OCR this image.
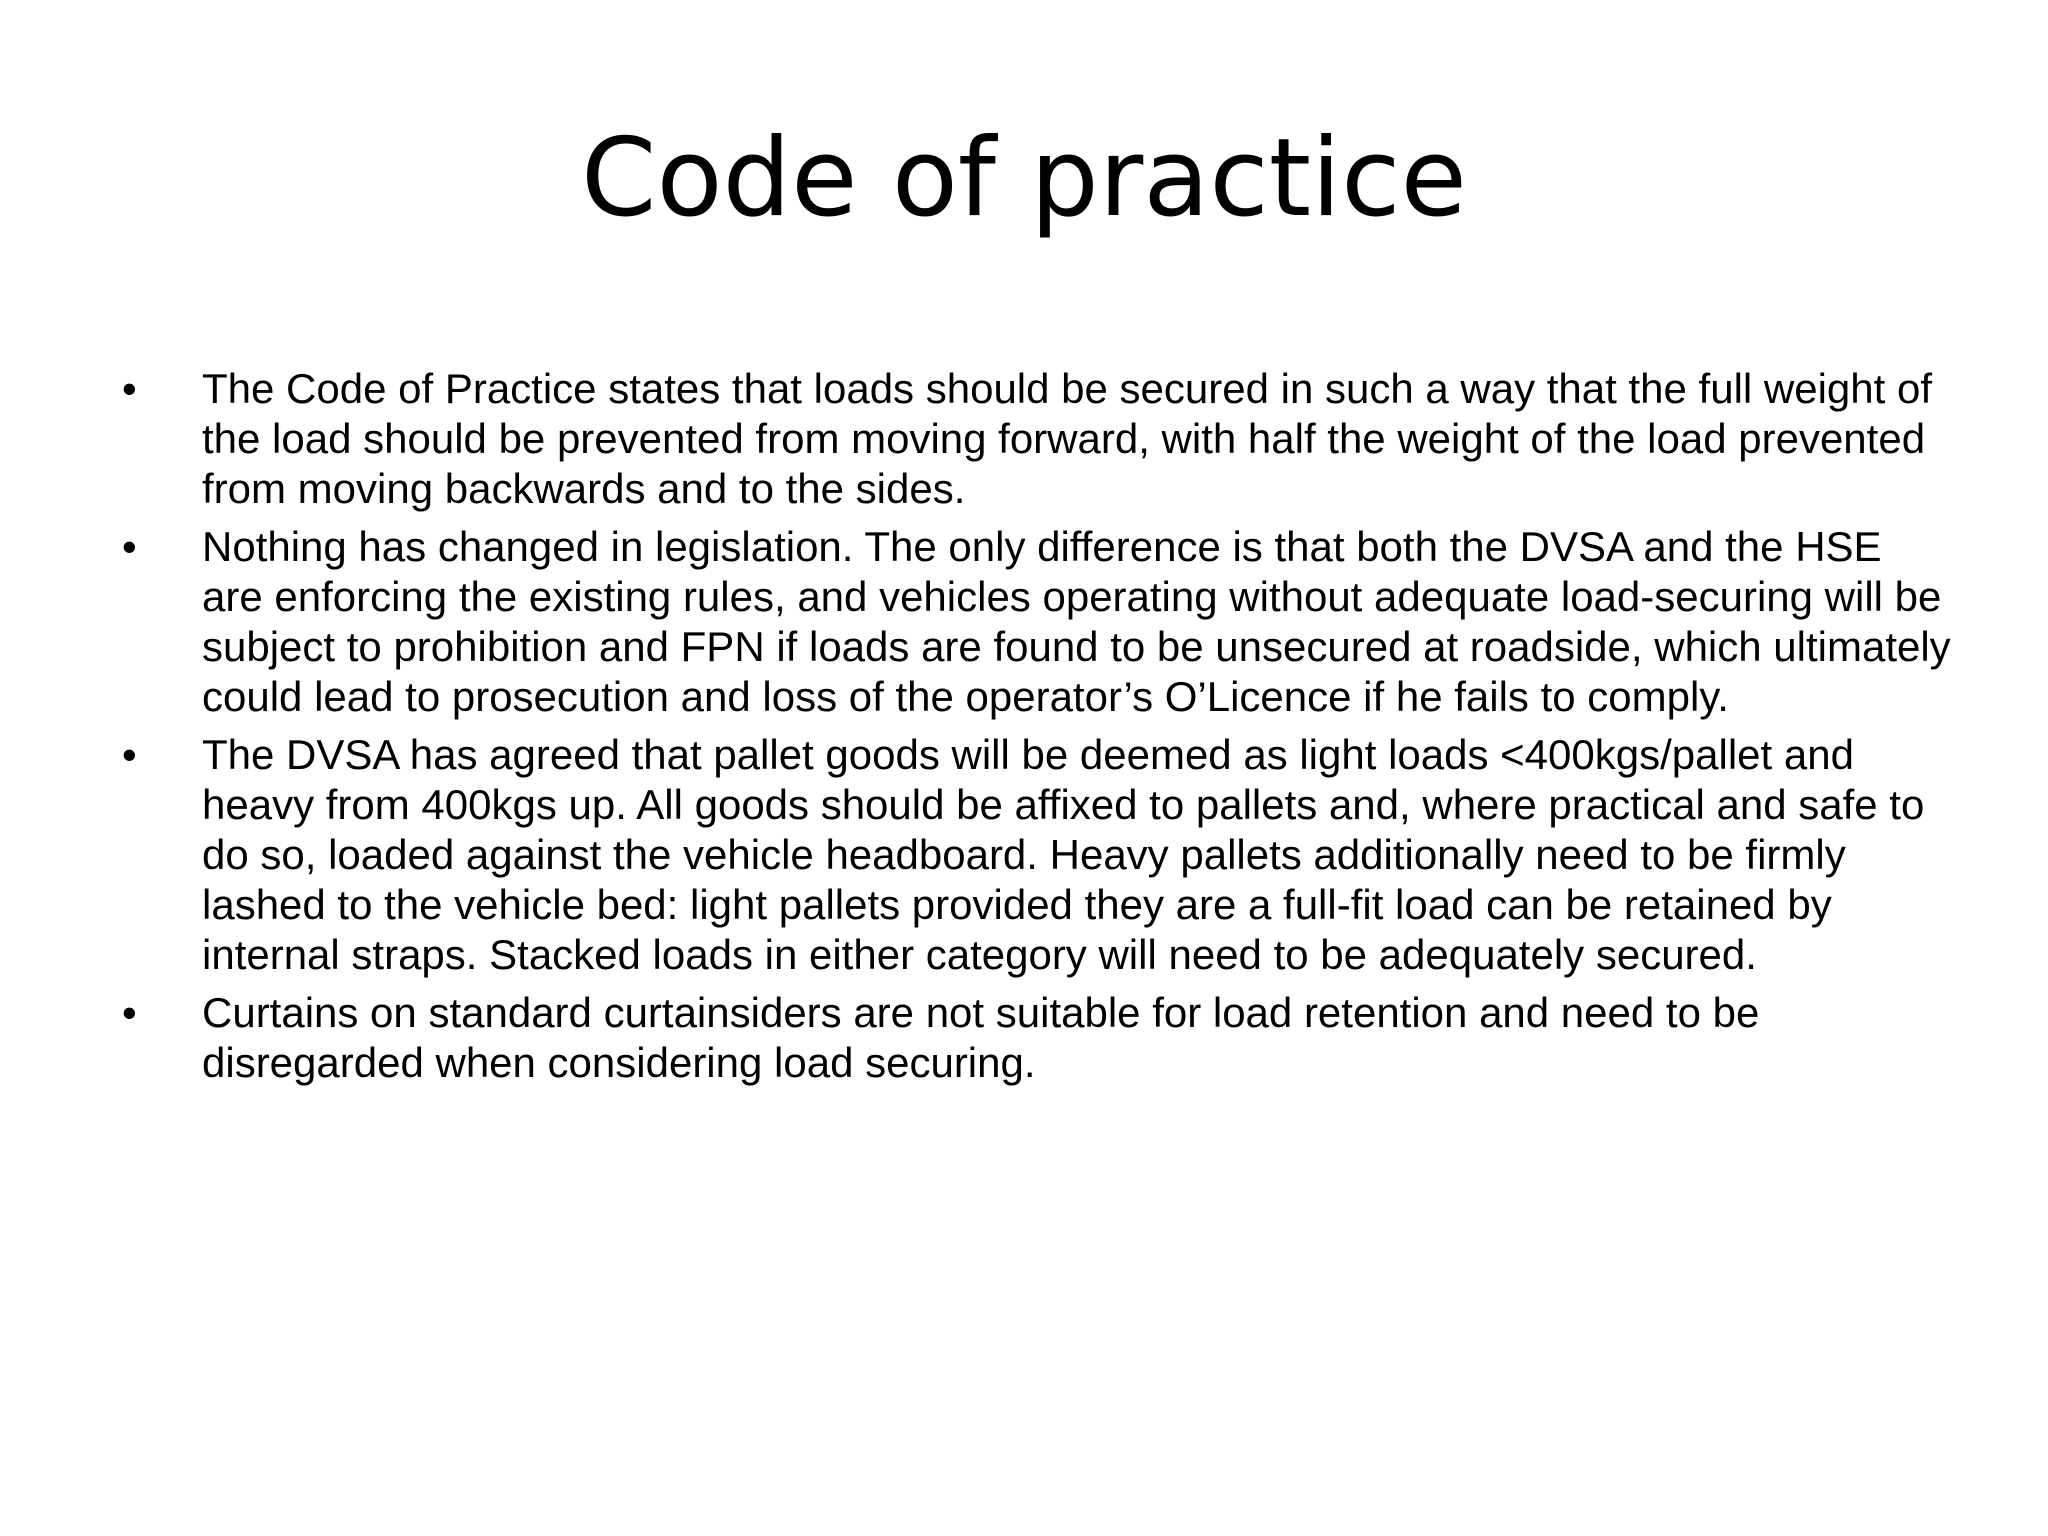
Code of practice
•	The Code of Practice states that loads should be secured in such a way that the full weight of the load should be prevented from moving forward, with half the weight of the load prevented from moving backwards and to the sides.
•	Nothing has changed in legislation. The only difference is that both the DVSA and the HSE are enforcing the existing rules, and vehicles operating without adequate load-securing will be subject to prohibition and FPN if loads are found to be unsecured at roadside, which ultimately could lead to prosecution and loss of the operator’s O’Licence if he fails to comply.
•	The DVSA has agreed that pallet goods will be deemed as light loads <400kgs/pallet and heavy from 400kgs up. All goods should be affixed to pallets and, where practical and safe to do so, loaded against the vehicle headboard. Heavy pallets additionally need to be firmly lashed to the vehicle bed: light pallets provided they are a full-fit load can be retained by internal straps. Stacked loads in either category will need to be adequately secured.
•	Curtains on standard curtainsiders are not suitable for load retention and need to be disregarded when considering load securing.
